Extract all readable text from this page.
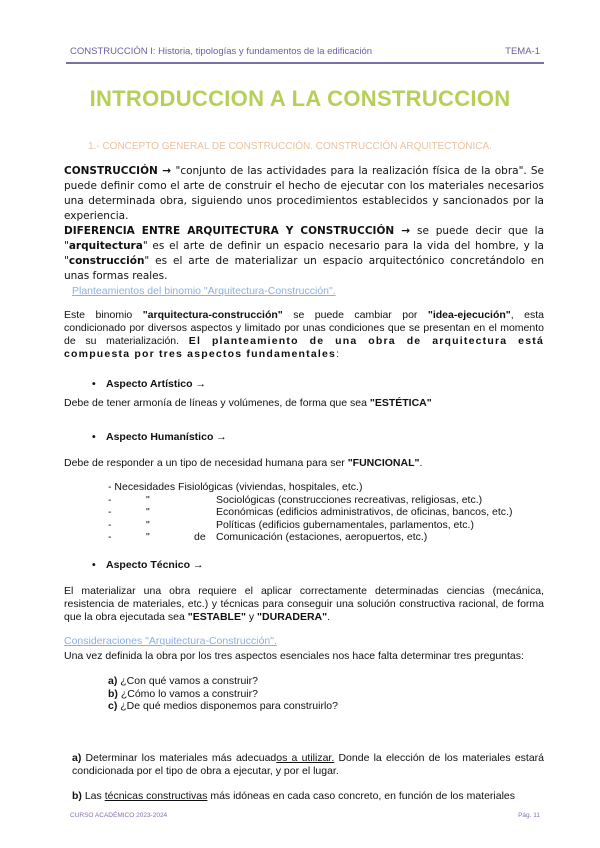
CONSTRUCCIÓN I: Historia, tipologías y fundamentos de la edificación	TEMA-1
INTRODUCCION A LA CONSTRUCCION
1.- CONCEPTO GENERAL DE CONSTRUCCIÓN. CONSTRUCCIÓN ARQUITECTÓNICA.
CONSTRUCCIÓN → "conjunto de las actividades para la realización física de la obra". Se puede definir como el arte de construir el hecho de ejecutar con los materiales necesarios una determinada obra, siguiendo unos procedimientos establecidos y sancionados por la experiencia.
DIFERENCIA ENTRE ARQUITECTURA Y CONSTRUCCIÓN → se puede decir que la "arquitectura" es el arte de definir un espacio necesario para la vida del hombre, y la "construcción" es el arte de materializar un espacio arquitectónico concretándolo en unas formas reales.
Planteamientos del binomio "Arquitectura-Construcción".
Este binomio "arquitectura-construcción" se puede cambiar por "idea-ejecución", esta condicionado por diversos aspectos y limitado por unas condiciones que se presentan en el momento de su materialización. El planteamiento de una obra de arquitectura está compuesta por tres aspectos fundamentales:
• Aspecto Artístico →
Debe de tener armonía de líneas y volúmenes, de forma que sea "ESTÉTICA"
• Aspecto Humanístico →
Debe de responder a un tipo de necesidad humana para ser "FUNCIONAL".
- Necesidades Fisiológicas (viviendas, hospitales, etc.)
-	"	Sociológicas (construcciones recreativas, religiosas, etc.)
-	"	Económicas (edificios administrativos, de oficinas, bancos, etc.)
-	"	Políticas (edificios gubernamentales, parlamentos, etc.)
-	"	de Comunicación (estaciones, aeropuertos, etc.)
• Aspecto Técnico →
El materializar una obra requiere el aplicar correctamente determinadas ciencias (mecánica, resistencia de materiales, etc.) y técnicas para conseguir una solución constructiva racional, de forma que la obra ejecutada sea "ESTABLE" y "DURADERA".
Consideraciones "Arquitectura-Construcción".
Una vez definida la obra por los tres aspectos esenciales nos hace falta determinar tres preguntas:
a) ¿Con qué vamos a construir?
b) ¿Cómo lo vamos a construir?
c) ¿De qué medios disponemos para construirlo?
a) Determinar los materiales más adecuados a utilizar. Donde la elección de los materiales estará condicionada por el tipo de obra a ejecutar, y por el lugar.
b) Las técnicas constructivas más idóneas en cada caso concreto, en función de los materiales
CURSO ACADÉMICO 2023-2024	Pág. 11
